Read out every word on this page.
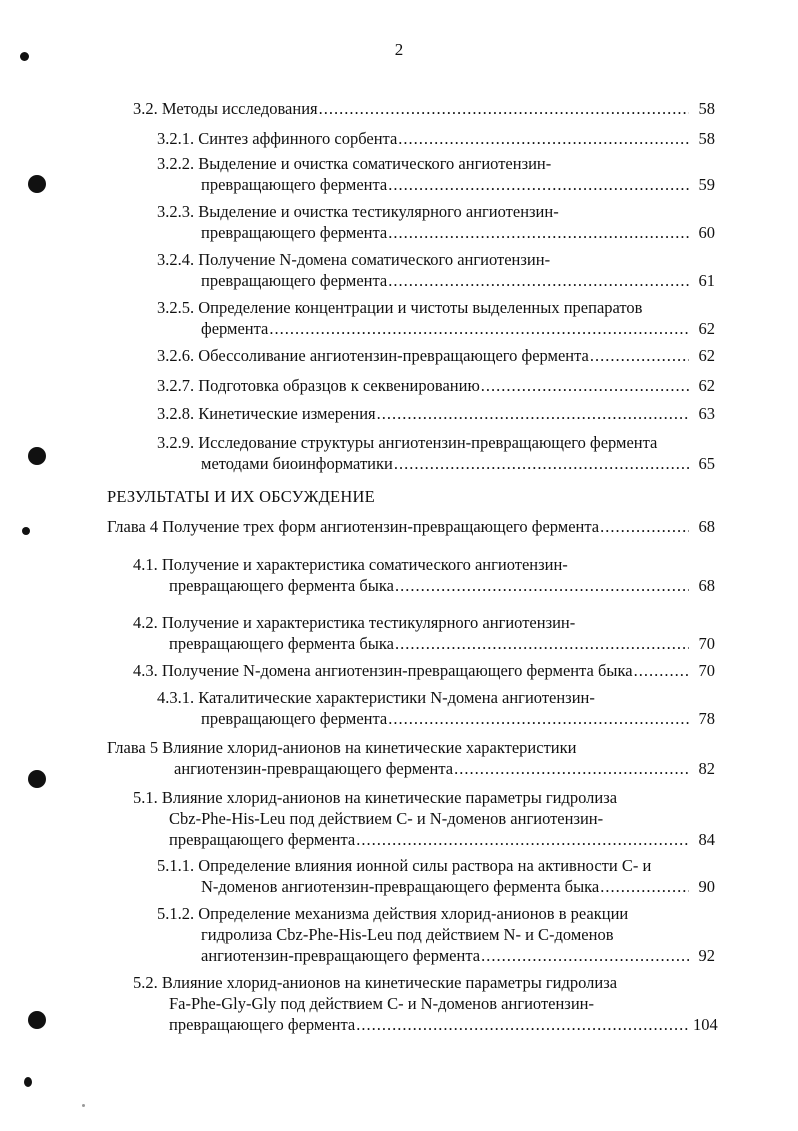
2
3.2. Методы исследования .....	58
3.2.1. Синтез аффинного сорбента .....	58
3.2.2. Выделение и очистка соматического ангиотензин-
превращающего фермента .....	59
3.2.3. Выделение и очистка тестикулярного ангиотензин-
превращающего фермента .....	60
3.2.4. Получение N-домена соматического ангиотензин-
превращающего фермента .....	61
3.2.5. Определение концентрации и чистоты выделенных препаратов
фермента .....	62
3.2.6. Обессоливание ангиотензин-превращающего фермента .....	62
3.2.7. Подготовка образцов к секвенированию .....	62
3.2.8. Кинетические измерения .....	63
3.2.9. Исследование структуры ангиотензин-превращающего фермента
методами биоинформатики .....	65
Глава 4 Получение трех форм ангиотензин-превращающего фермента .....	68
4.1. Получение и характеристика соматического ангиотензин-
превращающего фермента быка .....	68
4.2. Получение и характеристика тестикулярного ангиотензин-
превращающего фермента быка .....	70
4.3. Получение N-домена ангиотензин-превращающего фермента быка .....	70
4.3.1. Каталитические характеристики N-домена ангиотензин-
превращающего фермента .....	78
Глава 5 Влияние хлорид-анионов на кинетические характеристики
ангиотензин-превращающего фермента .....	82
5.1. Влияние хлорид-анионов на кинетические параметры гидролиза
Cbz-Phe-His-Leu под действием С- и N-доменов ангиотензин-
превращающего фермента .....	84
5.1.1. Определение влияния ионной силы раствора на активности С- и
N-доменов ангиотензин-превращающего фермента быка .....	90
5.1.2. Определение механизма действия хлорид-анионов в реакции
гидролиза Cbz-Phe-His-Leu под действием N- и С-доменов
ангиотензин-превращающего фермента .....	92
5.2. Влияние хлорид-анионов на кинетические параметры гидролиза
Fa-Phe-Gly-Gly под действием С- и N-доменов ангиотензин-
превращающего фермента .....	104
РЕЗУЛЬТАТЫ И ИХ ОБСУЖДЕНИЕ
